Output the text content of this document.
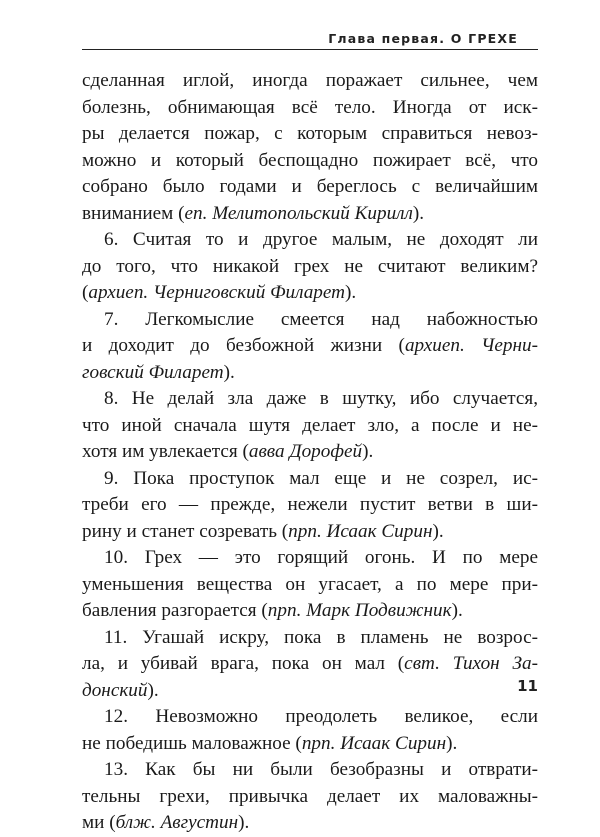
Глава первая. О ГРЕХЕ
сделанная иглой, иногда поражает сильнее, чем
болезнь, обнимающая всё тело. Иногда от иск-
ры делается пожар, с которым справиться невоз-
можно и который беспощадно пожирает всё, что
собрано было годами и береглось с величайшим
вниманием (еп. Мелитопольский Кирилл).
6. Считая то и другое малым, не доходят ли
до того, что никакой грех не считают великим?
(архиеп. Черниговский Филарет).
7. Легкомыслие смеется над набожностью
и доходит до безбожной жизни (архиеп. Черни-
говский Филарет).
8. Не делай зла даже в шутку, ибо случается,
что иной сначала шутя делает зло, а после и не-
хотя им увлекается (авва Дорофей).
9. Пока проступок мал еще и не созрел, ис-
треби его — прежде, нежели пустит ветви в ши-
рину и станет созревать (прп. Исаак Сирин).
10. Грех — это горящий огонь. И по мере
уменьшения вещества он угасает, а по мере при-
бавления разгорается (прп. Марк Подвижник).
11. Угашай искру, пока в пламень не возрос-
ла, и убивай врага, пока он мал (свт. Тихон За-
донский).
12. Невозможно преодолеть великое, если
не победишь маловажное (прп. Исаак Сирин).
13. Как бы ни были безобразны и отврати-
тельны грехи, привычка делает их маловажны-
ми (блж. Августин).
11
